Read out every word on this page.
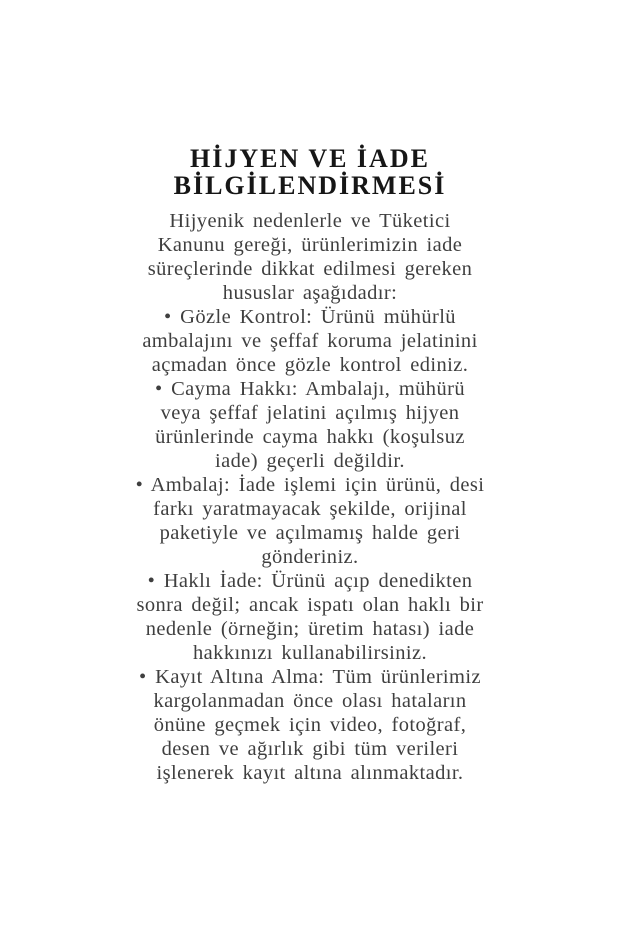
HİJYEN VE İADE
BİLGİLENDİRMESİ
Hijyenik nedenlerle ve Tüketici
Kanunu gereği, ürünlerimizin iade
süreçlerinde dikkat edilmesi gereken
hususlar aşağıdadır:
• Gözle Kontrol: Ürünü mühürlü
ambalajını ve şeffaf koruma jelatinini
açmadan önce gözle kontrol ediniz.
• Cayma Hakkı: Ambalajı, mühürü
veya şeffaf jelatini açılmış hijyen
ürünlerinde cayma hakkı (koşulsuz
iade) geçerli değildir.
• Ambalaj: İade işlemi için ürünü, desi
farkı yaratmayacak şekilde, orijinal
paketiyle ve açılmamış halde geri
gönderiniz.
• Haklı İade: Ürünü açıp denedikten
sonra değil; ancak ispatı olan haklı bir
nedenle (örneğin; üretim hatası) iade
hakkınızı kullanabilirsiniz.
• Kayıt Altına Alma: Tüm ürünlerimiz
kargolanmadan önce olası hataların
önüne geçmek için video, fotoğraf,
desen ve ağırlık gibi tüm verileri
işlenerek kayıt altına alınmaktadır.
